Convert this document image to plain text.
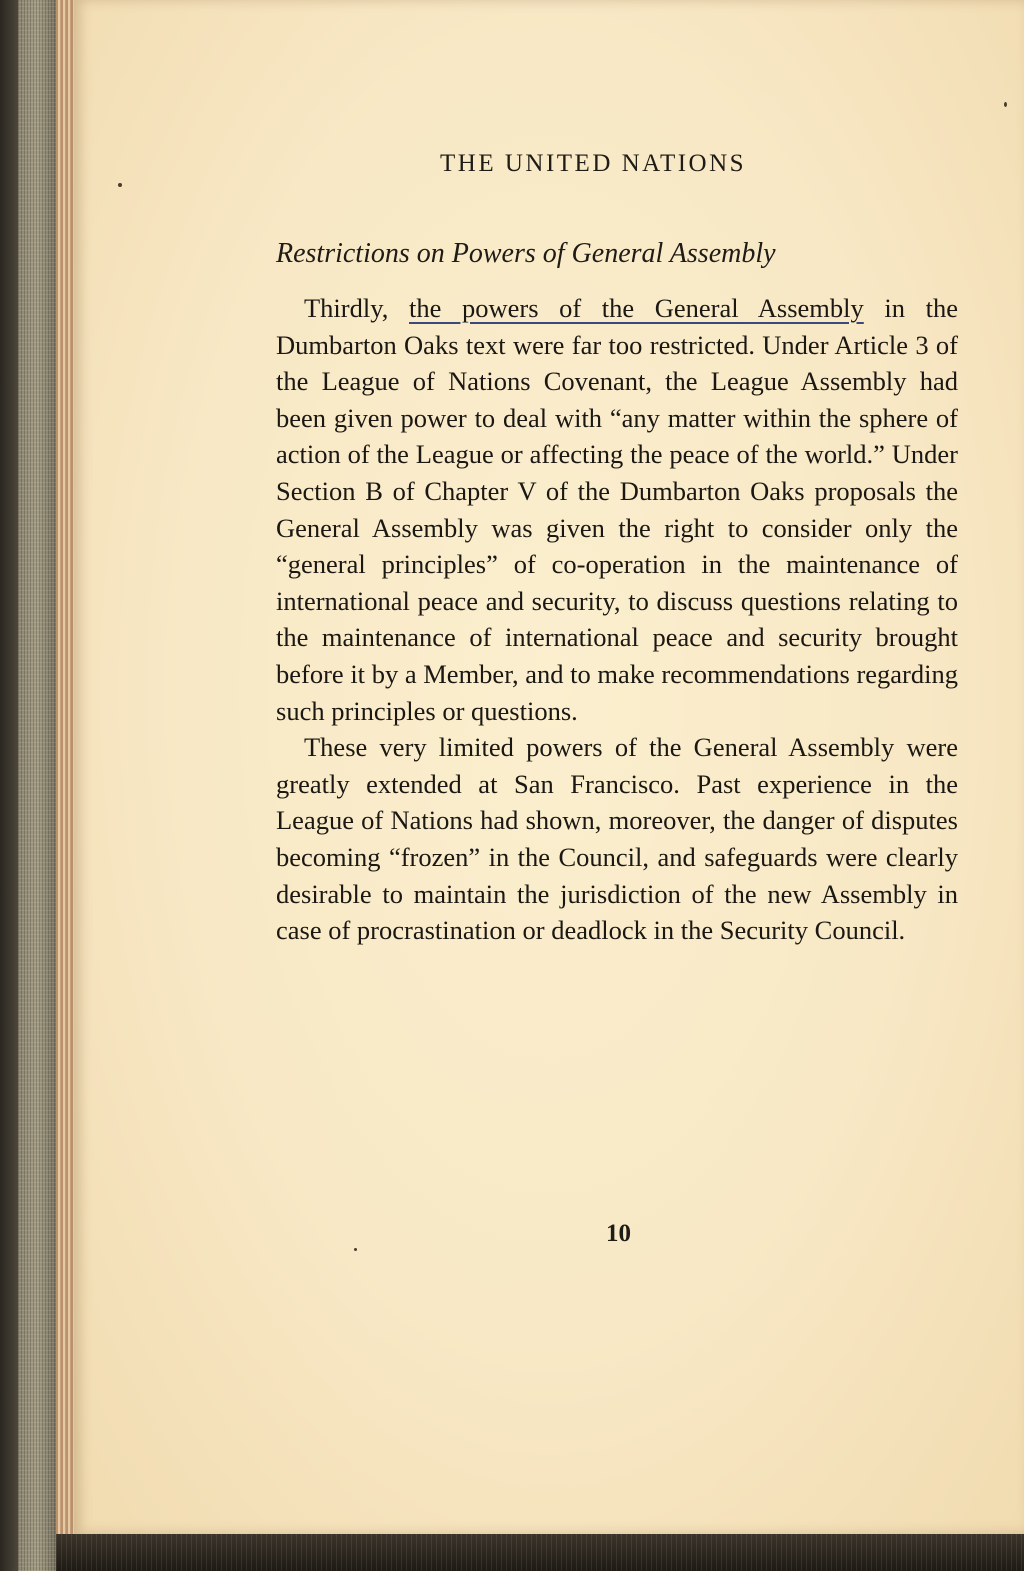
THE UNITED NATIONS
Restrictions on Powers of General Assembly

Thirdly, the powers of the General Assembly in the Dumbarton Oaks text were far too restricted. Under Article 3 of the League of Nations Covenant, the League Assembly had been given power to deal with “any matter within the sphere of action of the League or affecting the peace of the world.” Under Section B of Chapter V of the Dumbarton Oaks proposals the General Assembly was given the right to consider only the “general principles” of co-operation in the maintenance of international peace and security, to discuss questions relating to the maintenance of international peace and security brought before it by a Member, and to make recommendations regarding such principles or questions.

These very limited powers of the General Assembly were greatly extended at San Francisco. Past experience in the League of Nations had shown, moreover, the danger of disputes becoming “frozen” in the Council, and safeguards were clearly desirable to maintain the jurisdiction of the new Assembly in case of procrastination or deadlock in the Security Council.

10
